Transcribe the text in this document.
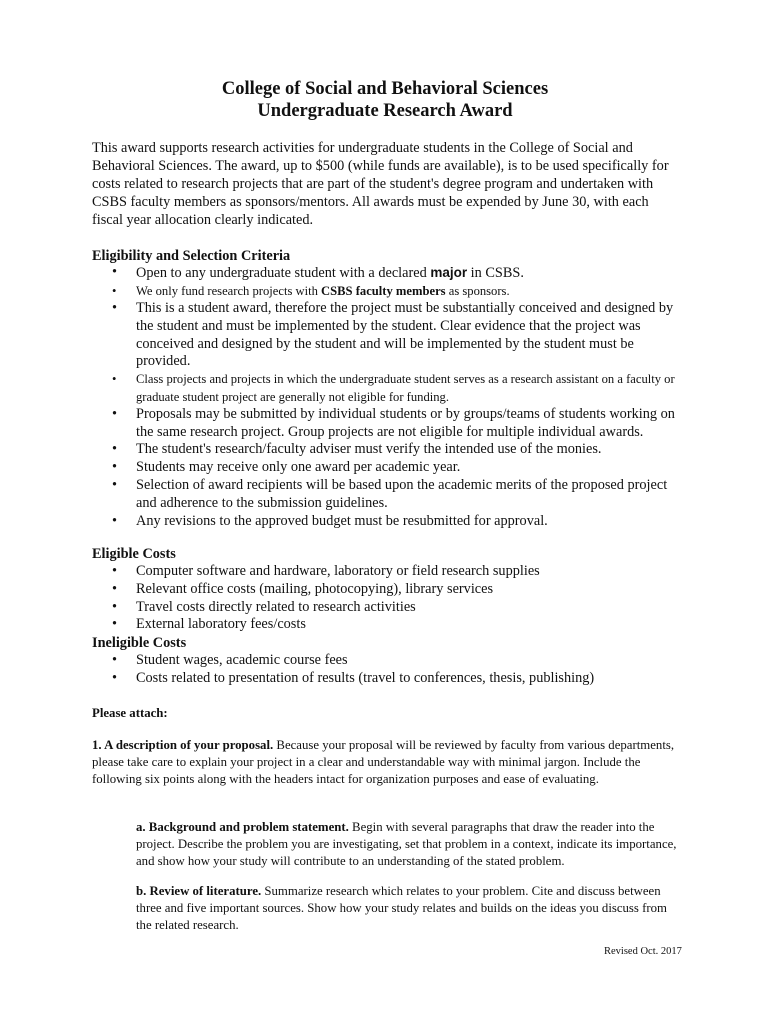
College of Social and Behavioral Sciences
Undergraduate Research Award

This award supports research activities for undergraduate students in the College of Social and Behavioral Sciences. The award, up to $500 (while funds are available), is to be used specifically for costs related to research projects that are part of the student's degree program and undertaken with CSBS faculty members as sponsors/mentors. All awards must be expended by June 30, with each fiscal year allocation clearly indicated.

Eligibility and Selection Criteria
• Open to any undergraduate student with a declared major in CSBS.
• We only fund research projects with CSBS faculty members as sponsors.
• This is a student award, therefore the project must be substantially conceived and designed by the student and must be implemented by the student. Clear evidence that the project was conceived and designed by the student and will be implemented by the student must be provided.
• Class projects and projects in which the undergraduate student serves as a research assistant on a faculty or graduate student project are generally not eligible for funding.
• Proposals may be submitted by individual students or by groups/teams of students working on the same research project. Group projects are not eligible for multiple individual awards.
• The student's research/faculty adviser must verify the intended use of the monies.
• Students may receive only one award per academic year.
• Selection of award recipients will be based upon the academic merits of the proposed project and adherence to the submission guidelines.
• Any revisions to the approved budget must be resubmitted for approval.
Eligible Costs
• Computer software and hardware, laboratory or field research supplies
• Relevant office costs (mailing, photocopying), library services
• Travel costs directly related to research activities
• External laboratory fees/costs
Ineligible Costs
• Student wages, academic course fees
• Costs related to presentation of results (travel to conferences, thesis, publishing)

Please attach:

1. A description of your proposal. Because your proposal will be reviewed by faculty from various departments, please take care to explain your project in a clear and understandable way with minimal jargon. Include the following six points along with the headers intact for organization purposes and ease of evaluating.

a. Background and problem statement. Begin with several paragraphs that draw the reader into the project. Describe the problem you are investigating, set that problem in a context, indicate its importance, and show how your study will contribute to an understanding of the stated problem.

b. Review of literature. Summarize research which relates to your problem. Cite and discuss between three and five important sources. Show how your study relates and builds on the ideas you discuss from the related research.

Revised Oct. 2017
